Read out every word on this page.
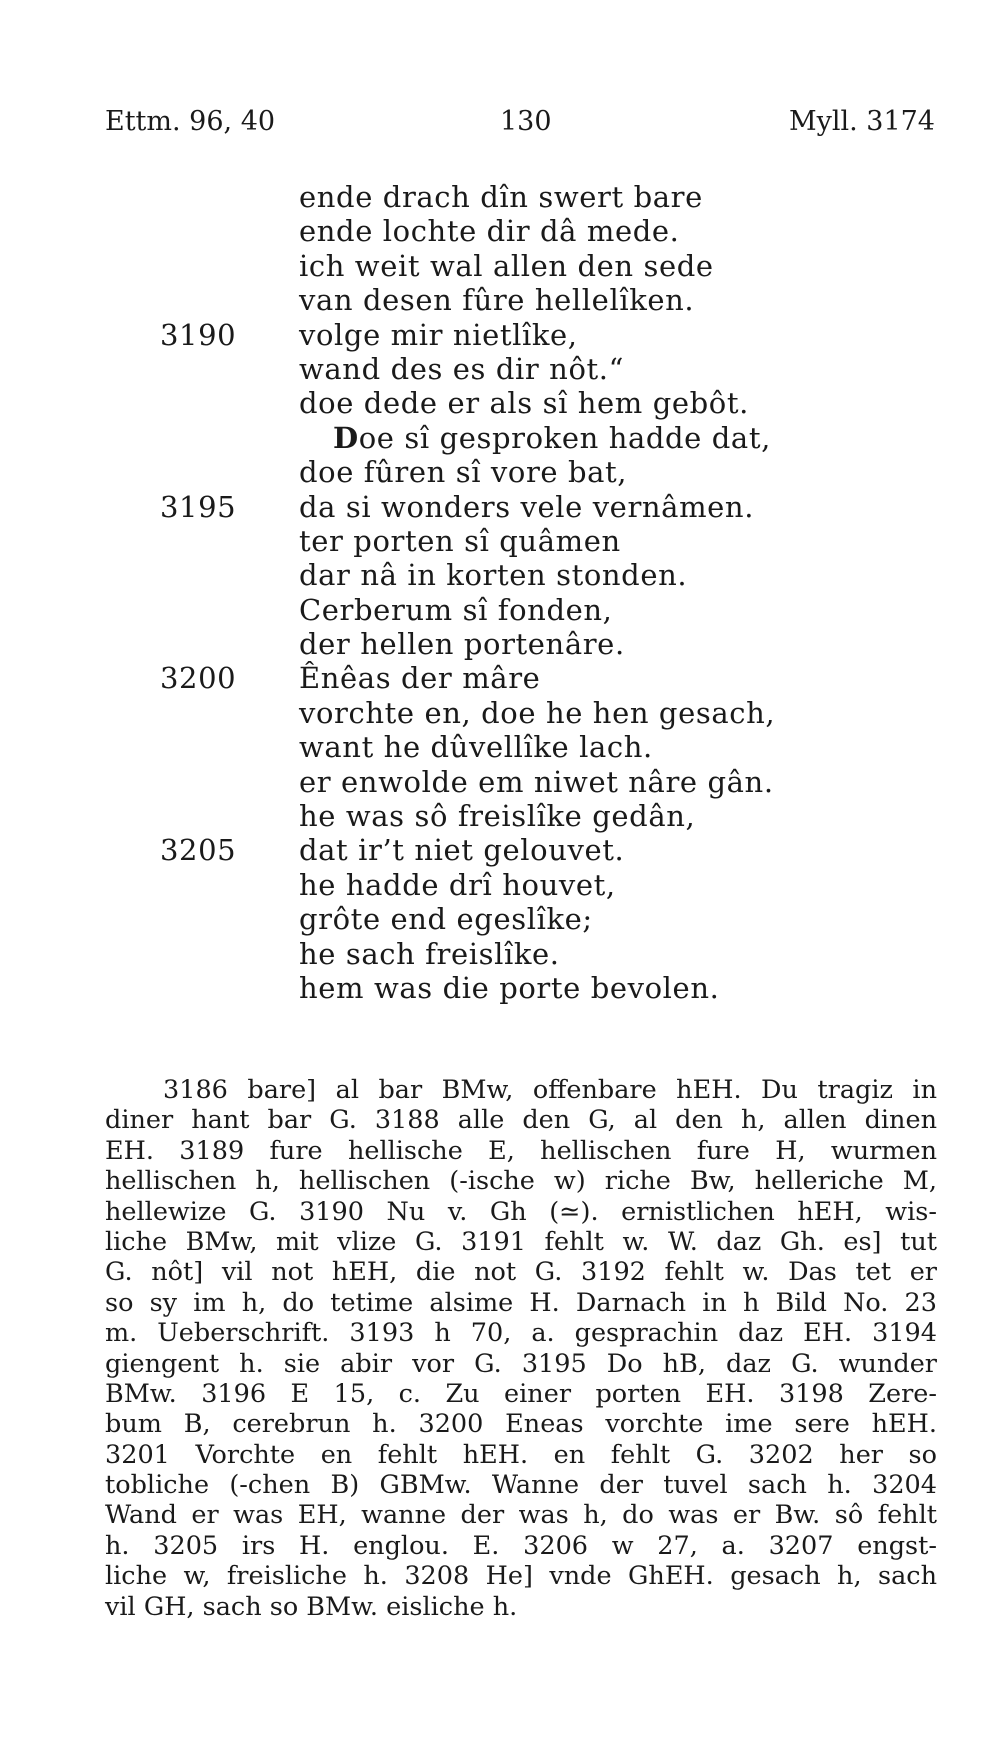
Ettm. 96, 40	130	Myll. 3174
ende drach dîn swert bare
ende lochte dir dâ mede.
ich weit wal allen den sede
van desen fûre hellelîken.
3190	volge mir nietlîke,
wand des es dir nôt.“
doe dede er als sî hem gebôt.
Doe sî gesproken hadde dat,
doe fûren sî vore bat,
3195	da si wonders vele vernâmen.
ter porten sî quâmen
dar nâ in korten stonden.
Cerberum sî fonden,
der hellen portenâre.
3200	Ênêas der mâre
vorchte en, doe he hen gesach,
want he dûvellîke lach.
er enwolde em niwet nâre gân.
he was sô freislîke gedân,
3205	dat ir’t niet gelouvet.
he hadde drî houvet,
grôte end egeslîke;
he sach freislîke.
hem was die porte bevolen.
3186 bare] al bar BMw, offenbare hEH. Du tragiz in
diner hant bar G. 3188 alle den G, al den h, allen dinen
EH. 3189 fure hellische E, hellischen fure H, wurmen
hellischen h, hellischen (-ische w) riche Bw, helleriche M,
hellewize G. 3190 Nu v. Gh (≃). ernistlichen hEH, wis-
liche BMw, mit vlize G. 3191 fehlt w. W. daz Gh. es] tut
G. nôt] vil not hEH, die not G. 3192 fehlt w. Das tet er
so sy im h, do tetime alsime H. Darnach in h Bild No. 23
m. Ueberschrift. 3193 h 70, a. gesprachin daz EH. 3194
giengent h. sie abir vor G. 3195 Do hB, daz G. wunder
BMw. 3196 E 15, c. Zu einer porten EH. 3198 Zere-
bum B, cerebrun h. 3200 Eneas vorchte ime sere hEH.
3201 Vorchte en fehlt hEH. en fehlt G. 3202 her so
tobliche (-chen B) GBMw. Wanne der tuvel sach h. 3204
Wand er was EH, wanne der was h, do was er Bw. sô fehlt
h. 3205 irs H. englou. E. 3206 w 27, a. 3207 engst-
liche w, freisliche h. 3208 He] vnde GhEH. gesach h, sach
vil GH, sach so BMw. eisliche h.
